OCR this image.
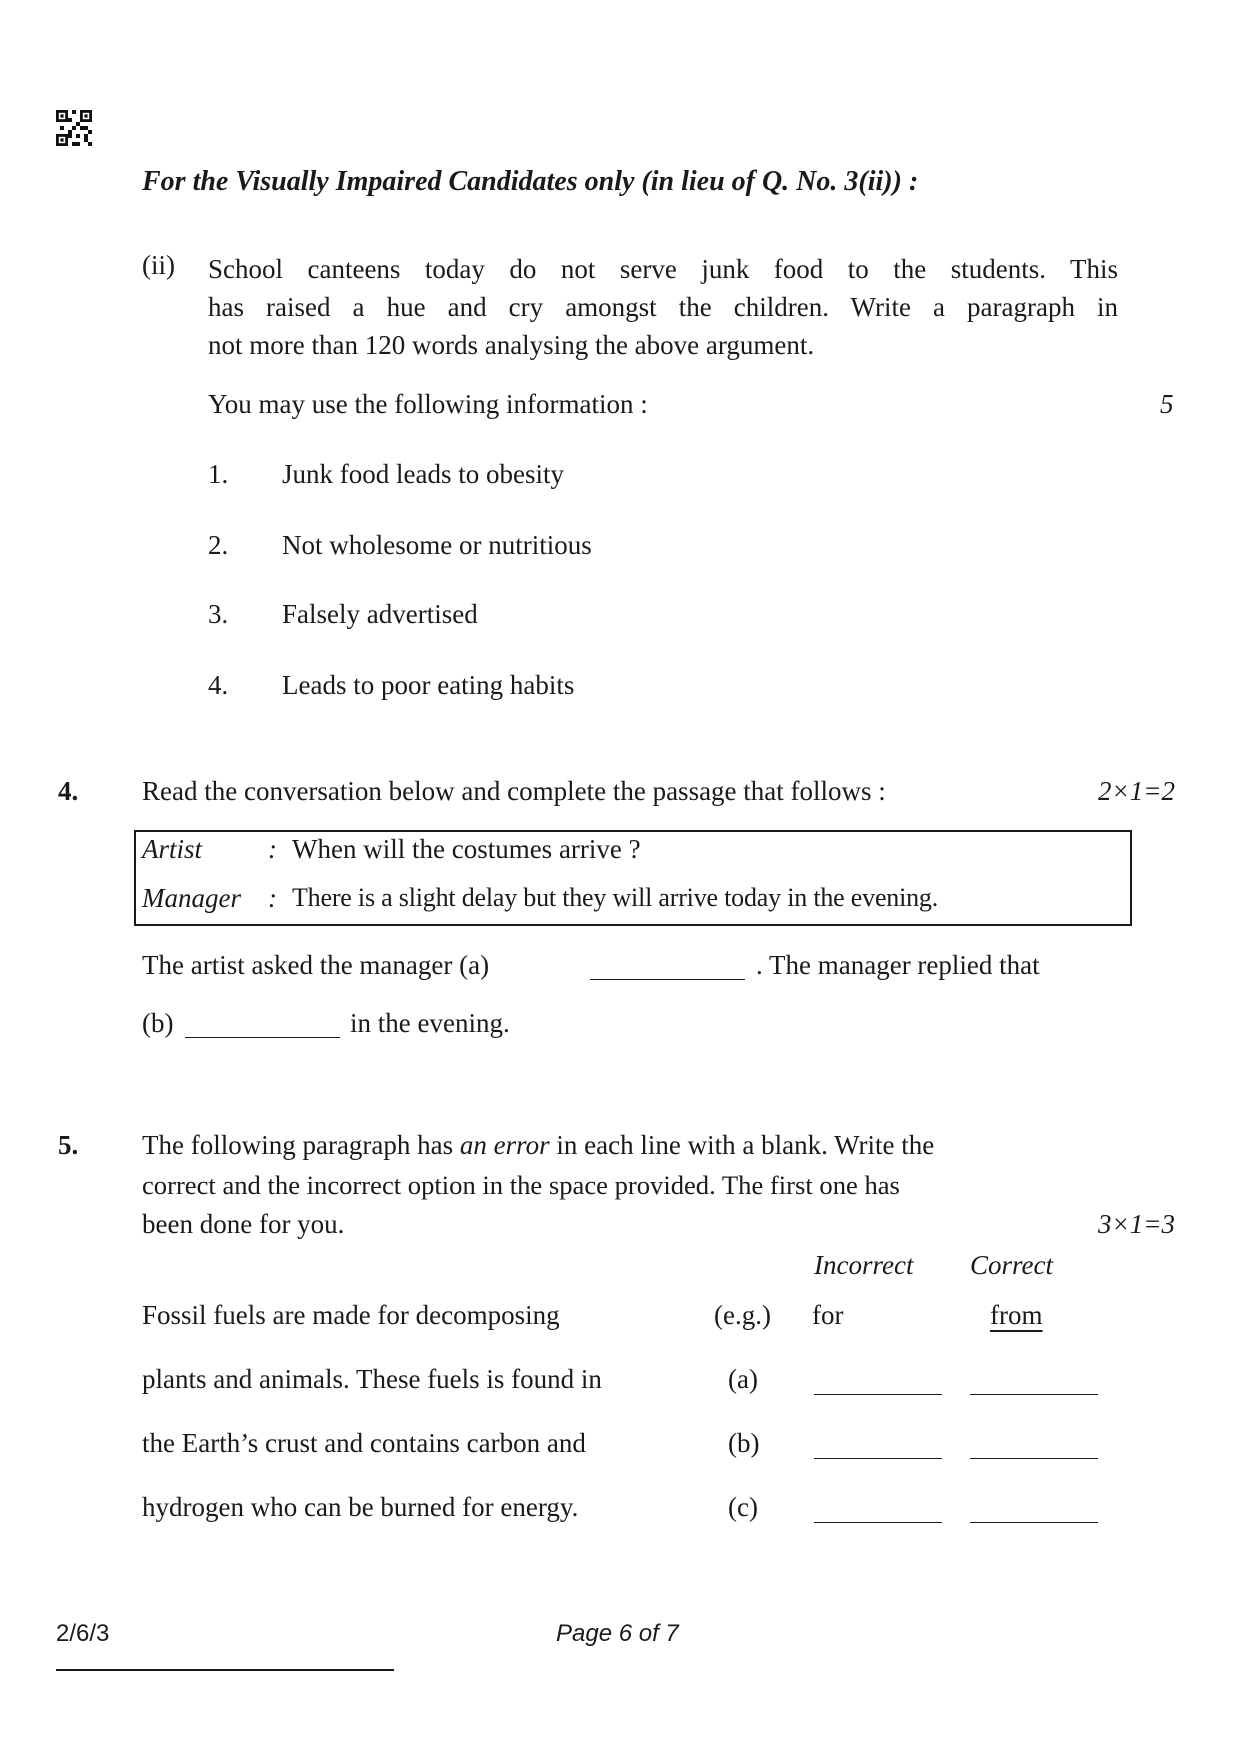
For the Visually Impaired Candidates only (in lieu of Q. No. 3(ii)) :
(ii) School canteens today do not serve junk food to the students. This
has raised a hue and cry amongst the children. Write a paragraph in
not more than 120 words analysing the above argument.
You may use the following information :	5
1. Junk food leads to obesity
2. Not wholesome or nutritious
3. Falsely advertised
4. Leads to poor eating habits
4. Read the conversation below and complete the passage that follows :	2×1=2
Artist : When will the costumes arrive ?
Manager : There is a slight delay but they will arrive today in the evening.
The artist asked the manager (a)	. The manager replied that
(b)	in the evening.
5. The following paragraph has an error in each line with a blank. Write the
correct and the incorrect option in the space provided. The first one has
been done for you.	3×1=3
Incorrect Correct
Fossil fuels are made for decomposing	(e.g.) for	from
plants and animals. These fuels is found in	(a)
the Earth’s crust and contains carbon and	(b)
hydrogen who can be burned for energy.	(c)
2/6/3	Page 6 of 7
